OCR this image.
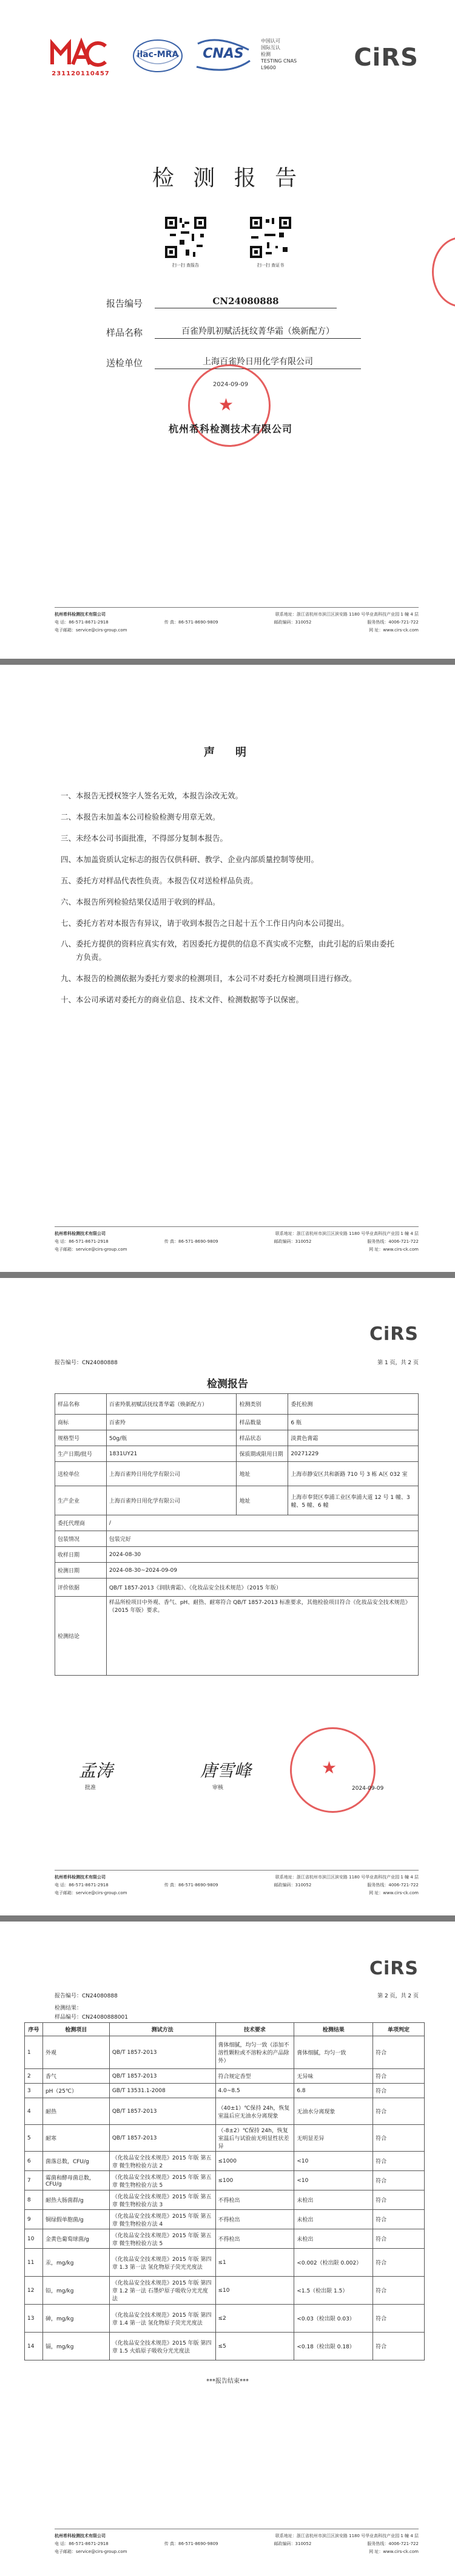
231120110457
ilac-MRA	CNAS
中国认可
国际互认
检测
TESTING CNAS L9600	CiRS
检 测 报 告
扫一扫 查报告	扫一扫 查证书
报告编号	CN24080888
样品名称	百雀羚肌初赋活抚纹菁华霜（焕新配方）
送检单位	上海百雀羚日用化学有限公司
★
2024-09-09
杭州希科检测技术有限公司
杭州希科检测技术有限公司	联系地址：浙江省杭州市滨江区滨安路 1180 号华业高科技产业园 1 幢 4 层
电 话：86-571-8671-2918	传 真：86-571-8690-9809	邮政编码：310052	服务热线：4006-721-722
电子邮箱：service@cirs-group.com	网 址：www.cirs-ck.com
声　明
一、本报告无授权签字人签名无效，本报告涂改无效。
二、本报告未加盖本公司检验检测专用章无效。
三、未经本公司书面批准，不得部分复制本报告。
四、本加盖资质认定标志的报告仅供科研、教学、企业内部质量控制等使用。
五、委托方对样品代表性负责。本报告仅对送检样品负责。
六、本报告所列检验结果仅适用于收到的样品。
七、委托方若对本报告有异议，请于收到本报告之日起十五个工作日内向本公司提出。
八、委托方提供的资料应真实有效，若因委托方提供的信息不真实或不完整，由此引起的后果由委托方负责。
九、本报告的检测依据为委托方要求的检测项目，本公司不对委托方检测项目进行修改。
十、本公司承诺对委托方的商业信息、技术文件、检测数据等予以保密。
杭州希科检测技术有限公司	联系地址：浙江省杭州市滨江区滨安路 1180 号华业高科技产业园 1 幢 4 层
电 话：86-571-8671-2918	传 真：86-571-8690-9809	邮政编码：310052	服务热线：4006-721-722
电子邮箱：service@cirs-group.com	网 址：www.cirs-ck.com
CiRS
报告编号：CN24080888	第 1 页，共 2 页
检测报告
样品名称	百雀羚肌初赋活抚纹菁华霜（焕新配方）	检测类别	委托检测
商标	百雀羚	样品数量	6 瓶
规格型号	50g/瓶	样品状态	淡黄色膏霜
生产日期/批号	1831UY21	保质期或限用日期	20271229
送检单位	上海百雀羚日用化学有限公司	地址	上海市静安区共和新路 710 号 3 栋 A区 032 室
生产企业	上海百雀羚日用化学有限公司	地址	上海市奉贤区奉浦工业区奉浦大道 12 号 1 幢、3 幢、5 幢、6 幢
委托代理商	/		
包装情况	包装完好		
收样日期	2024-08-30		
检测日期	2024-08-30~2024-09-09		
评价依据	QB/T 1857-2013《润肤膏霜》、《化妆品安全技术规范》（2015 年版）		
检测结论	样品所检项目中外观、香气、pH、耐热、耐寒符合 QB/T 1857-2013 标准要求，其他检验项目符合《化妆品安全技术规范》（2015 年版）要求。		
孟涛
批准
唐雪峰
审核
★
2024-09-09
杭州希科检测技术有限公司	联系地址：浙江省杭州市滨江区滨安路 1180 号华业高科技产业园 1 幢 4 层
电 话：86-571-8671-2918	传 真：86-571-8690-9809	邮政编码：310052	服务热线：4006-721-722
电子邮箱：service@cirs-group.com	网 址：www.cirs-ck.com
CiRS
报告编号：CN24080888	第 2 页，共 2 页
检测结果：
样品编号：CN24080888001
序号	检测项目	测试方法	技术要求	检测结果	单项判定
1	外观	QB/T 1857-2013	膏体细腻，均匀一致（添加不溶性颗粒或不溶粉末的产品除外）	膏体细腻，均匀一致	符合
2	香气	QB/T 1857-2013	符合规定香型	无异味	符合
3	pH（25℃）	GB/T 13531.1-2008	4.0~8.5	6.8	符合
4	耐热	QB/T 1857-2013	（40±1）℃保持 24h，恢复室温后应无油水分离现象	无油水分离现象	符合
5	耐寒	QB/T 1857-2013	（-8±2）℃保持 24h，恢复室温后与试验前无明显性状差异	无明显差异	符合
6	菌落总数，CFU/g	《化妆品安全技术规范》2015 年版 第五章 微生物检验方法 2	≤1000	<10	符合
7	霉菌和酵母菌总数，CFU/g	《化妆品安全技术规范》2015 年版 第五章 微生物检验方法 5	≤100	<10	符合
8	耐热大肠菌群/g	《化妆品安全技术规范》2015 年版 第五章 微生物检验方法 3	不得检出	未检出	符合
9	铜绿假单胞菌/g	《化妆品安全技术规范》2015 年版 第五章 微生物检验方法 4	不得检出	未检出	符合
10	金黄色葡萄球菌/g	《化妆品安全技术规范》2015 年版 第五章 微生物检验方法 5	不得检出	未检出	符合
11	汞，mg/kg	《化妆品安全技术规范》2015 年版 第四章 1.3 第一法 氢化物原子荧光光度法	≤1	<0.002（检出限 0.002）	符合
12	铅，mg/kg	《化妆品安全技术规范》2015 年版 第四章 1.2 第一法 石墨炉原子吸收分光光度法	≤10	<1.5（检出限 1.5）	符合
13	砷，mg/kg	《化妆品安全技术规范》2015 年版 第四章 1.4 第一法 氢化物原子荧光光度法	≤2	<0.03（检出限 0.03）	符合
14	镉，mg/kg	《化妆品安全技术规范》2015 年版 第四章 1.5 火焰原子吸收分光光度法	≤5	<0.18（检出限 0.18）	符合
***报告结束***
杭州希科检测技术有限公司	联系地址：浙江省杭州市滨江区滨安路 1180 号华业高科技产业园 1 幢 4 层
电 话：86-571-8671-2918	传 真：86-571-8690-9809	邮政编码：310052	服务热线：4006-721-722
电子邮箱：service@cirs-group.com	网 址：www.cirs-ck.com
